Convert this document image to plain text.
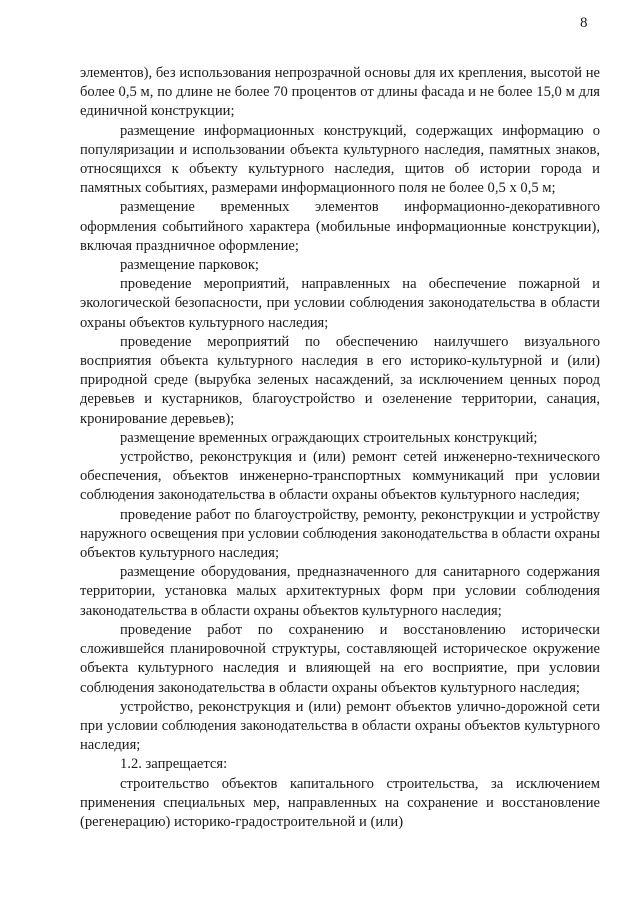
8

элементов), без использования непрозрачной основы для их крепления, высотой не более 0,5 м, по длине не более 70 процентов от длины фасада и не более 15,0 м для единичной конструкции;

размещение информационных конструкций, содержащих информацию о популяризации и использовании объекта культурного наследия, памятных знаков, относящихся к объекту культурного наследия, щитов об истории города и памятных событиях, размерами информационного поля не более 0,5 х 0,5 м;

размещение временных элементов информационно-декоративного оформления событийного характера (мобильные информационные конструкции), включая праздничное оформление;

размещение парковок;

проведение мероприятий, направленных на обеспечение пожарной и экологической безопасности, при условии соблюдения законодательства в области охраны объектов культурного наследия;

проведение мероприятий по обеспечению наилучшего визуального восприятия объекта культурного наследия в его историко-культурной и (или) природной среде (вырубка зеленых насаждений, за исключением ценных пород деревьев и кустарников, благоустройство и озеленение территории, санация, кронирование деревьев);

размещение временных ограждающих строительных конструкций;

устройство, реконструкция и (или) ремонт сетей инженерно-технического обеспечения, объектов инженерно-транспортных коммуникаций при условии соблюдения законодательства в области охраны объектов культурного наследия;

проведение работ по благоустройству, ремонту, реконструкции и устройству наружного освещения при условии соблюдения законодательства в области охраны объектов культурного наследия;

размещение оборудования, предназначенного для санитарного содержания территории, установка малых архитектурных форм при условии соблюдения законодательства в области охраны объектов культурного наследия;

проведение работ по сохранению и восстановлению исторически сложившейся планировочной структуры, составляющей историческое окружение объекта культурного наследия и влияющей на его восприятие, при условии соблюдения законодательства в области охраны объектов культурного наследия;

устройство, реконструкция и (или) ремонт объектов улично-дорожной сети при условии соблюдения законодательства в области охраны объектов культурного наследия;

1.2. запрещается:

строительство объектов капитального строительства, за исключением применения специальных мер, направленных на сохранение и восстановление (регенерацию) историко-градостроительной и (или)
